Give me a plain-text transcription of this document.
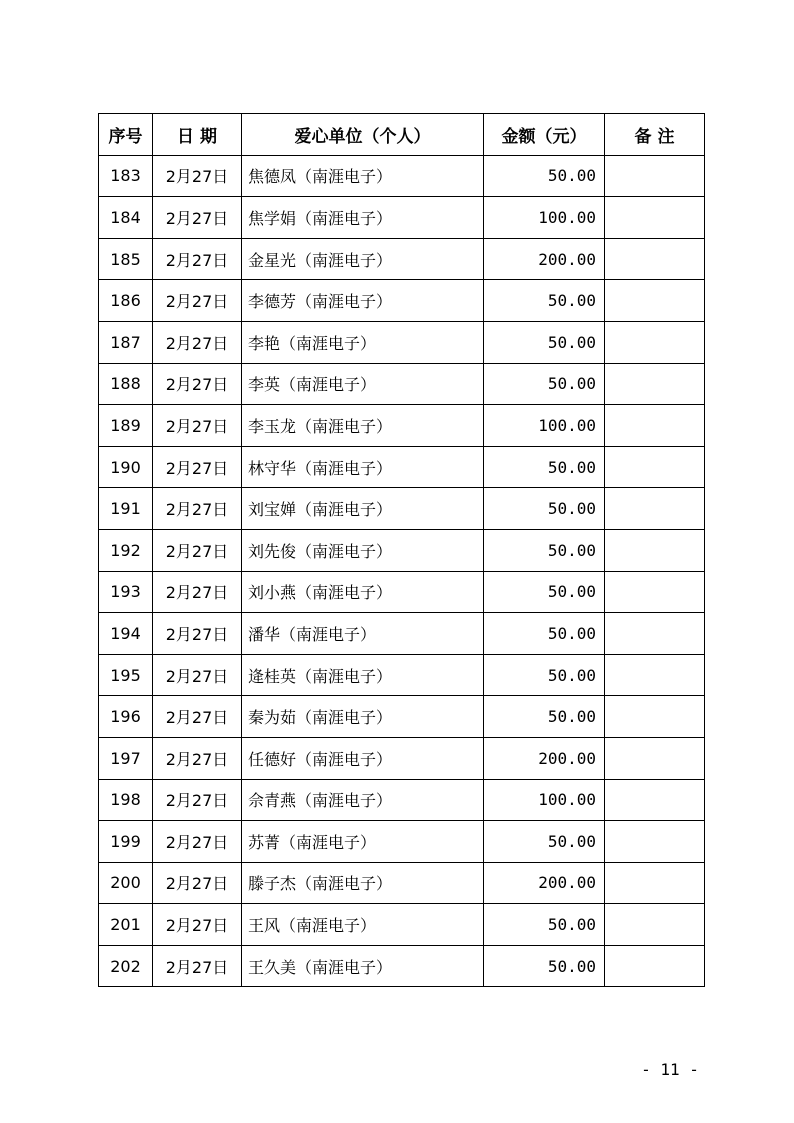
序号	日 期	爱心单位（个人）	金额（元）	备 注
183	2月27日	焦德凤（南涯电子）	50.00	
184	2月27日	焦学娟（南涯电子）	100.00	
185	2月27日	金星光（南涯电子）	200.00	
186	2月27日	李德芳（南涯电子）	50.00	
187	2月27日	李艳（南涯电子）	50.00	
188	2月27日	李英（南涯电子）	50.00	
189	2月27日	李玉龙（南涯电子）	100.00	
190	2月27日	林守华（南涯电子）	50.00	
191	2月27日	刘宝婵（南涯电子）	50.00	
192	2月27日	刘先俊（南涯电子）	50.00	
193	2月27日	刘小燕（南涯电子）	50.00	
194	2月27日	潘华（南涯电子）	50.00	
195	2月27日	逄桂英（南涯电子）	50.00	
196	2月27日	秦为茹（南涯电子）	50.00	
197	2月27日	任德好（南涯电子）	200.00	
198	2月27日	佘青燕（南涯电子）	100.00	
199	2月27日	苏菁（南涯电子）	50.00	
200	2月27日	滕子杰（南涯电子）	200.00	
201	2月27日	王风（南涯电子）	50.00	
202	2月27日	王久美（南涯电子）	50.00	
- 11 -
